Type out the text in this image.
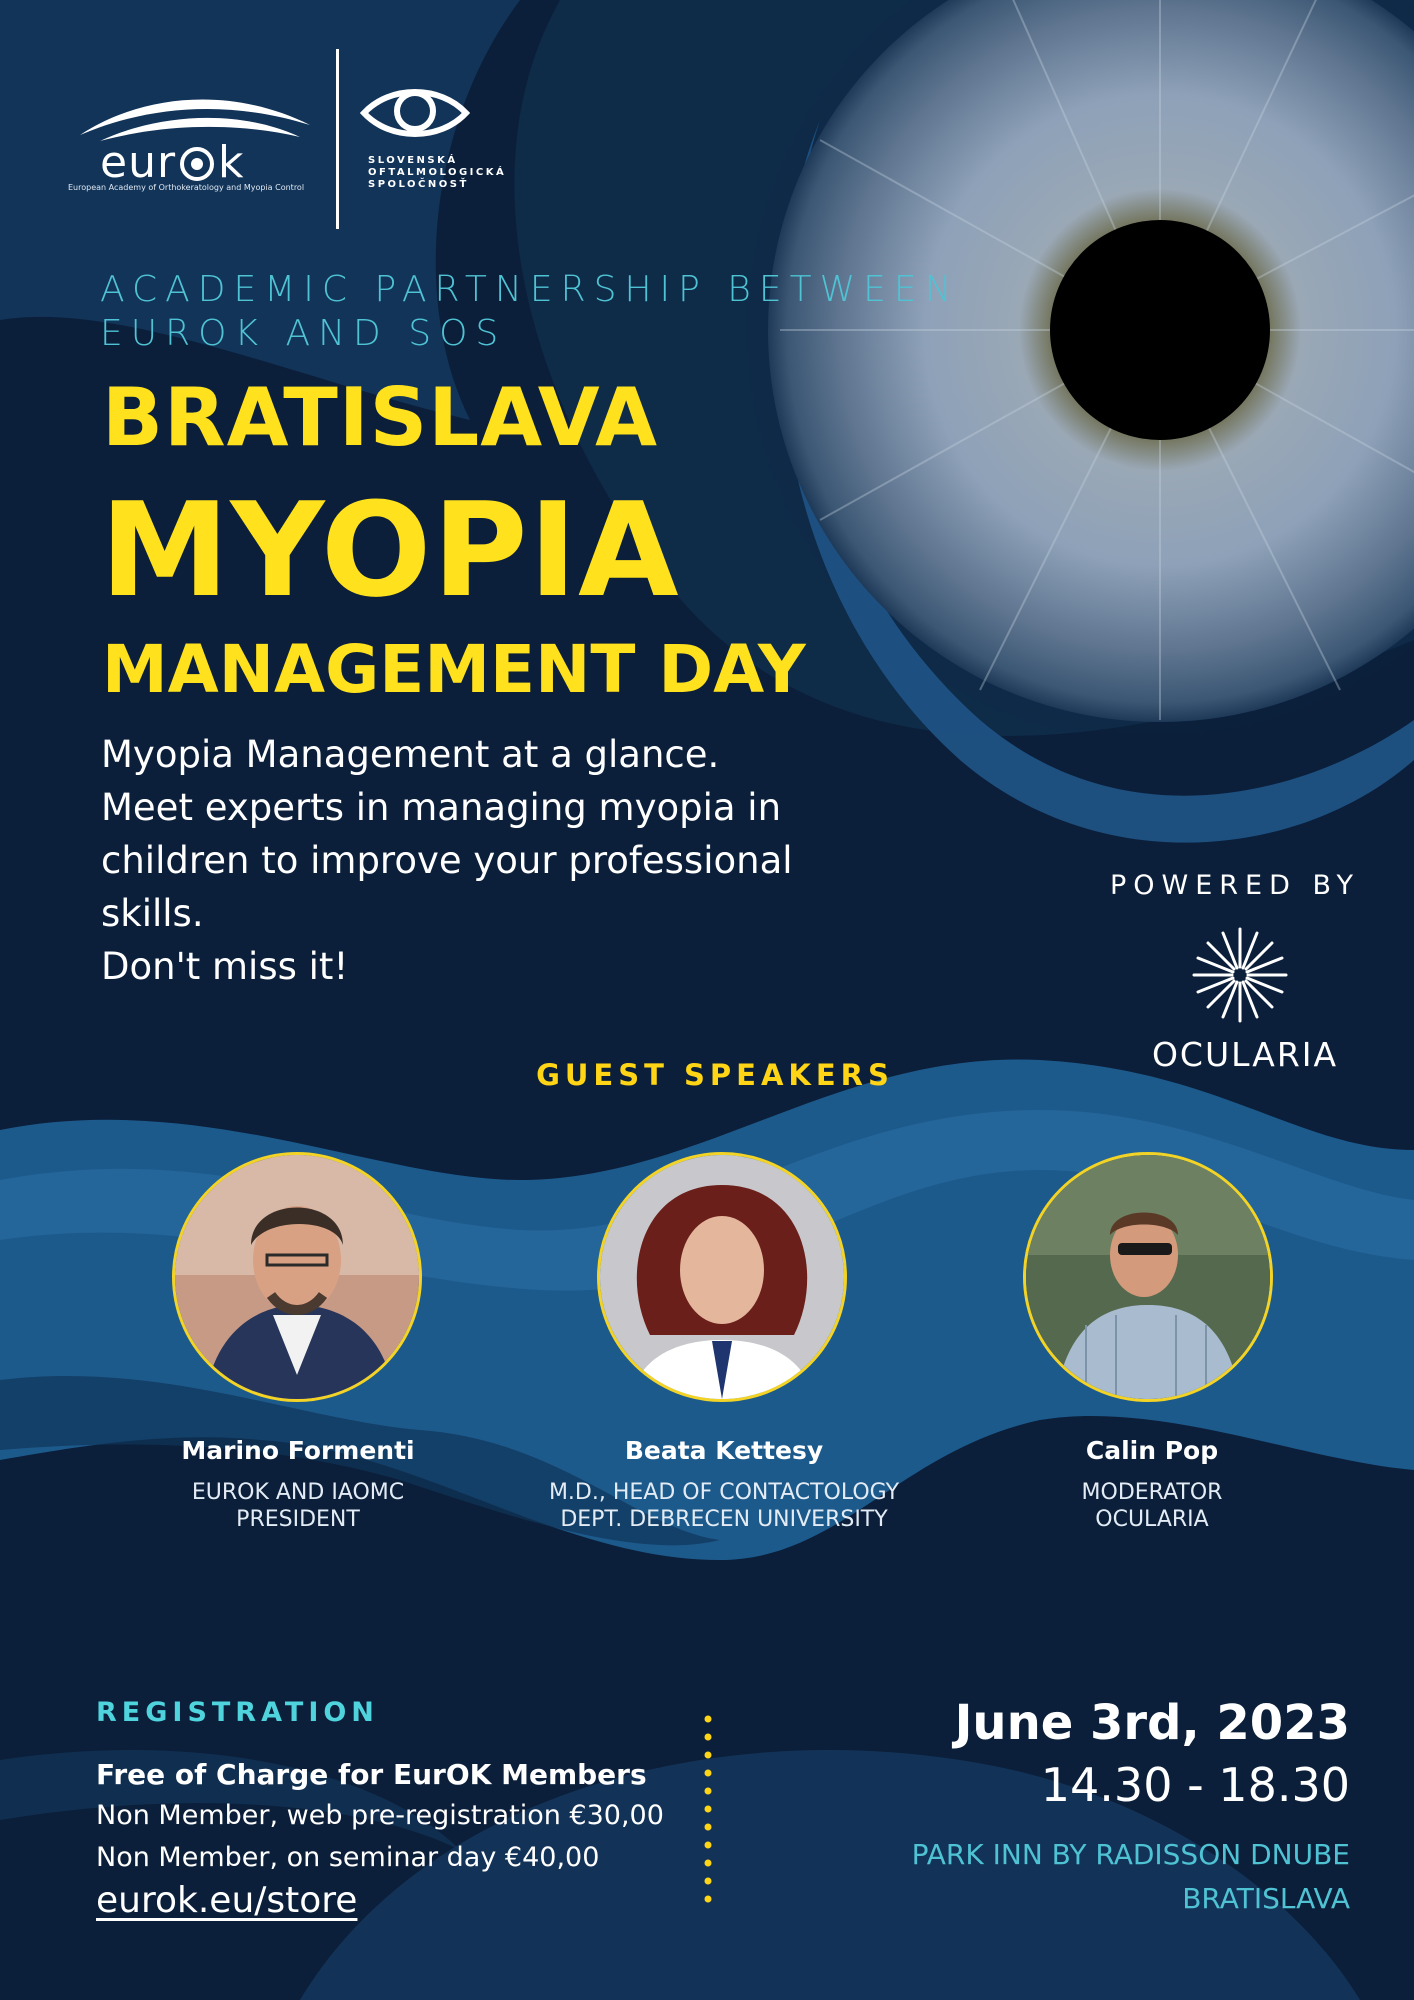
eur k
European Academy of Orthokeratology and Myopia Control
SLOVENSKÁ
OFTALMOLOGICKÁ
SPOLOČNOSŤ
ACADEMIC PARTNERSHIP BETWEEN
EUROK AND SOS
BRATISLAVA
MYOPIA
MANAGEMENT DAY
Myopia Management at a glance.
Meet experts in managing myopia in
children to improve your professional skills.
Don't miss it!
POWERED BY
OCULARIA
GUEST SPEAKERS
Marino Formenti
EUROK AND IAOMC
PRESIDENT
Beata Kettesy
M.D., HEAD OF CONTACTOLOGY
DEPT. DEBRECEN UNIVERSITY
Calin Pop
MODERATOR
OCULARIA
REGISTRATION
Free of Charge for EurOK Members
Non Member, web pre-registration €30,00
Non Member, on seminar day €40,00
eurok.eu/store
June 3rd, 2023
14.30 - 18.30
PARK INN BY RADISSON DNUBE
BRATISLAVA
